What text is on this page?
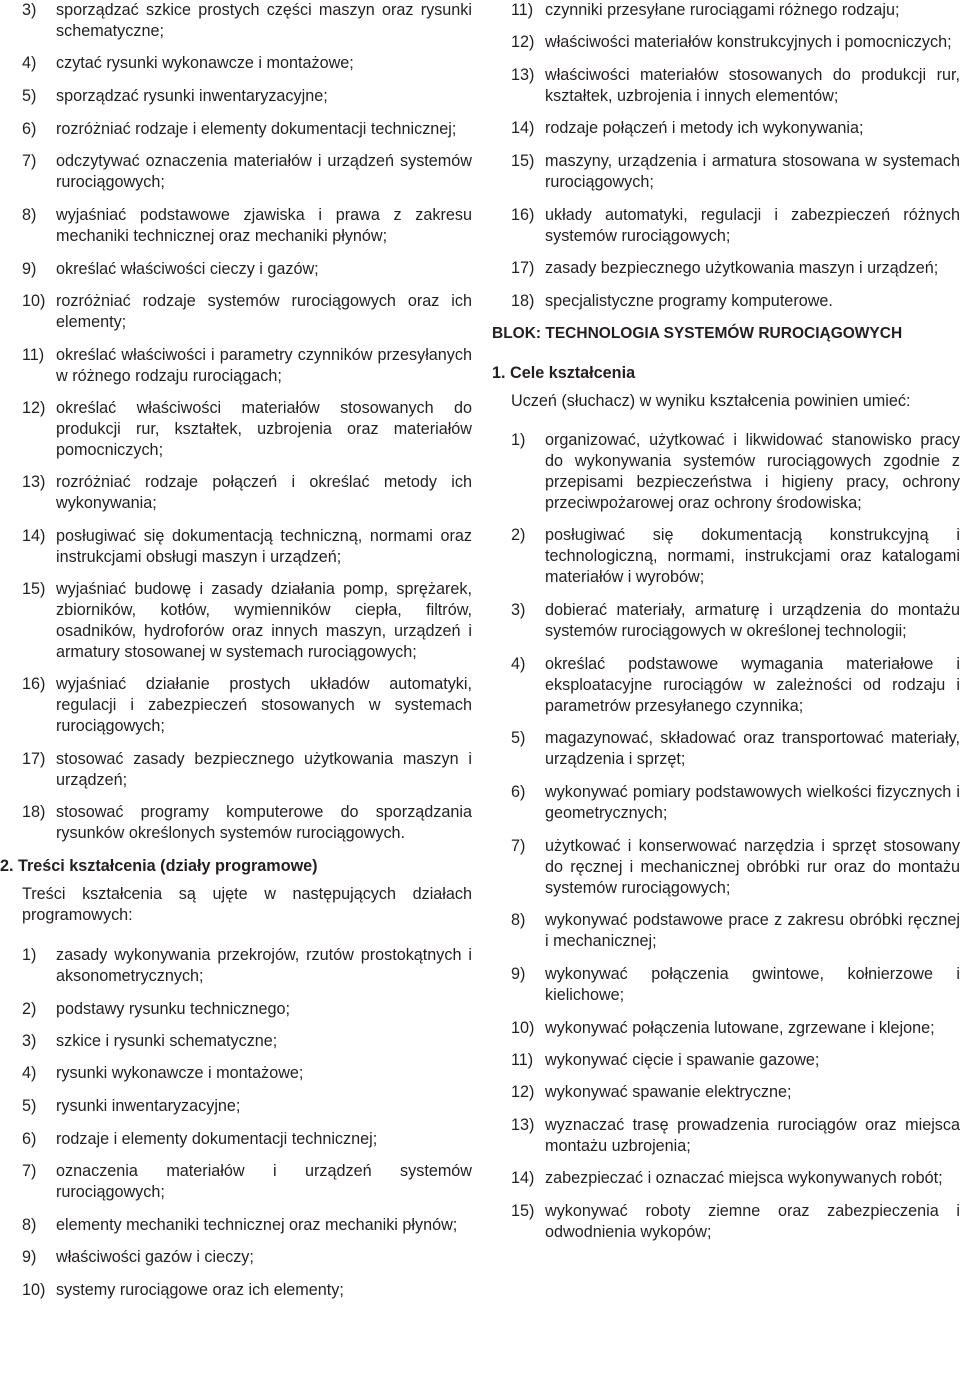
3) sporządzać szkice prostych części maszyn oraz rysunki schematyczne;
4) czytać rysunki wykonawcze i montażowe;
5) sporządzać rysunki inwentaryzacyjne;
6) rozróżniać rodzaje i elementy dokumentacji technicznej;
7) odczytywać oznaczenia materiałów i urządzeń systemów rurociągowych;
8) wyjaśniać podstawowe zjawiska i prawa z zakresu mechaniki technicznej oraz mechaniki płynów;
9) określać właściwości cieczy i gazów;
10) rozróżniać rodzaje systemów rurociągowych oraz ich elementy;
11) określać właściwości i parametry czynników przesyłanych w różnego rodzaju rurociągach;
12) określać właściwości materiałów stosowanych do produkcji rur, kształtek, uzbrojenia oraz materiałów pomocniczych;
13) rozróżniać rodzaje połączeń i określać metody ich wykonywania;
14) posługiwać się dokumentacją techniczną, normami oraz instrukcjami obsługi maszyn i urządzeń;
15) wyjaśniać budowę i zasady działania pomp, sprężarek, zbiorników, kotłów, wymienników ciepła, filtrów, osadników, hydroforów oraz innych maszyn, urządzeń i armatury stosowanej w systemach rurociągowych;
16) wyjaśniać działanie prostych układów automatyki, regulacji i zabezpieczeń stosowanych w systemach rurociągowych;
17) stosować zasady bezpiecznego użytkowania maszyn i urządzeń;
18) stosować programy komputerowe do sporządzania rysunków określonych systemów rurociągowych.
2. Treści kształcenia (działy programowe)
Treści kształcenia są ujęte w następujących działach programowych:
1) zasady wykonywania przekrojów, rzutów prostokątnych i aksonometrycznych;
2) podstawy rysunku technicznego;
3) szkice i rysunki schematyczne;
4) rysunki wykonawcze i montażowe;
5) rysunki inwentaryzacyjne;
6) rodzaje i elementy dokumentacji technicznej;
7) oznaczenia materiałów i urządzeń systemów rurociągowych;
8) elementy mechaniki technicznej oraz mechaniki płynów;
9) właściwości gazów i cieczy;
10) systemy rurociągowe oraz ich elementy;
11) czynniki przesyłane rurociągami różnego rodzaju;
12) właściwości materiałów konstrukcyjnych i pomocniczych;
13) właściwości materiałów stosowanych do produkcji rur, kształtek, uzbrojenia i innych elementów;
14) rodzaje połączeń i metody ich wykonywania;
15) maszyny, urządzenia i armatura stosowana w systemach rurociągowych;
16) układy automatyki, regulacji i zabezpieczeń różnych systemów rurociągowych;
17) zasady bezpiecznego użytkowania maszyn i urządzeń;
18) specjalistyczne programy komputerowe.
BLOK: TECHNOLOGIA SYSTEMÓW RUROCIĄGOWYCH
1. Cele kształcenia
Uczeń (słuchacz) w wyniku kształcenia powinien umieć:
1) organizować, użytkować i likwidować stanowisko pracy do wykonywania systemów rurociągowych zgodnie z przepisami bezpieczeństwa i higieny pracy, ochrony przeciwpożarowej oraz ochrony środowiska;
2) posługiwać się dokumentacją konstrukcyjną i technologiczną, normami, instrukcjami oraz katalogami materiałów i wyrobów;
3) dobierać materiały, armaturę i urządzenia do montażu systemów rurociągowych w określonej technologii;
4) określać podstawowe wymagania materiałowe i eksploatacyjne rurociągów w zależności od rodzaju i parametrów przesyłanego czynnika;
5) magazynować, składować oraz transportować materiały, urządzenia i sprzęt;
6) wykonywać pomiary podstawowych wielkości fizycznych i geometrycznych;
7) użytkować i konserwować narzędzia i sprzęt stosowany do ręcznej i mechanicznej obróbki rur oraz do montażu systemów rurociągowych;
8) wykonywać podstawowe prace z zakresu obróbki ręcznej i mechanicznej;
9) wykonywać połączenia gwintowe, kołnierzowe i kielichowe;
10) wykonywać połączenia lutowane, zgrzewane i klejone;
11) wykonywać cięcie i spawanie gazowe;
12) wykonywać spawanie elektryczne;
13) wyznaczać trasę prowadzenia rurociągów oraz miejsca montażu uzbrojenia;
14) zabezpieczać i oznaczać miejsca wykonywanych robót;
15) wykonywać roboty ziemne oraz zabezpieczenia i odwodnienia wykopów;
